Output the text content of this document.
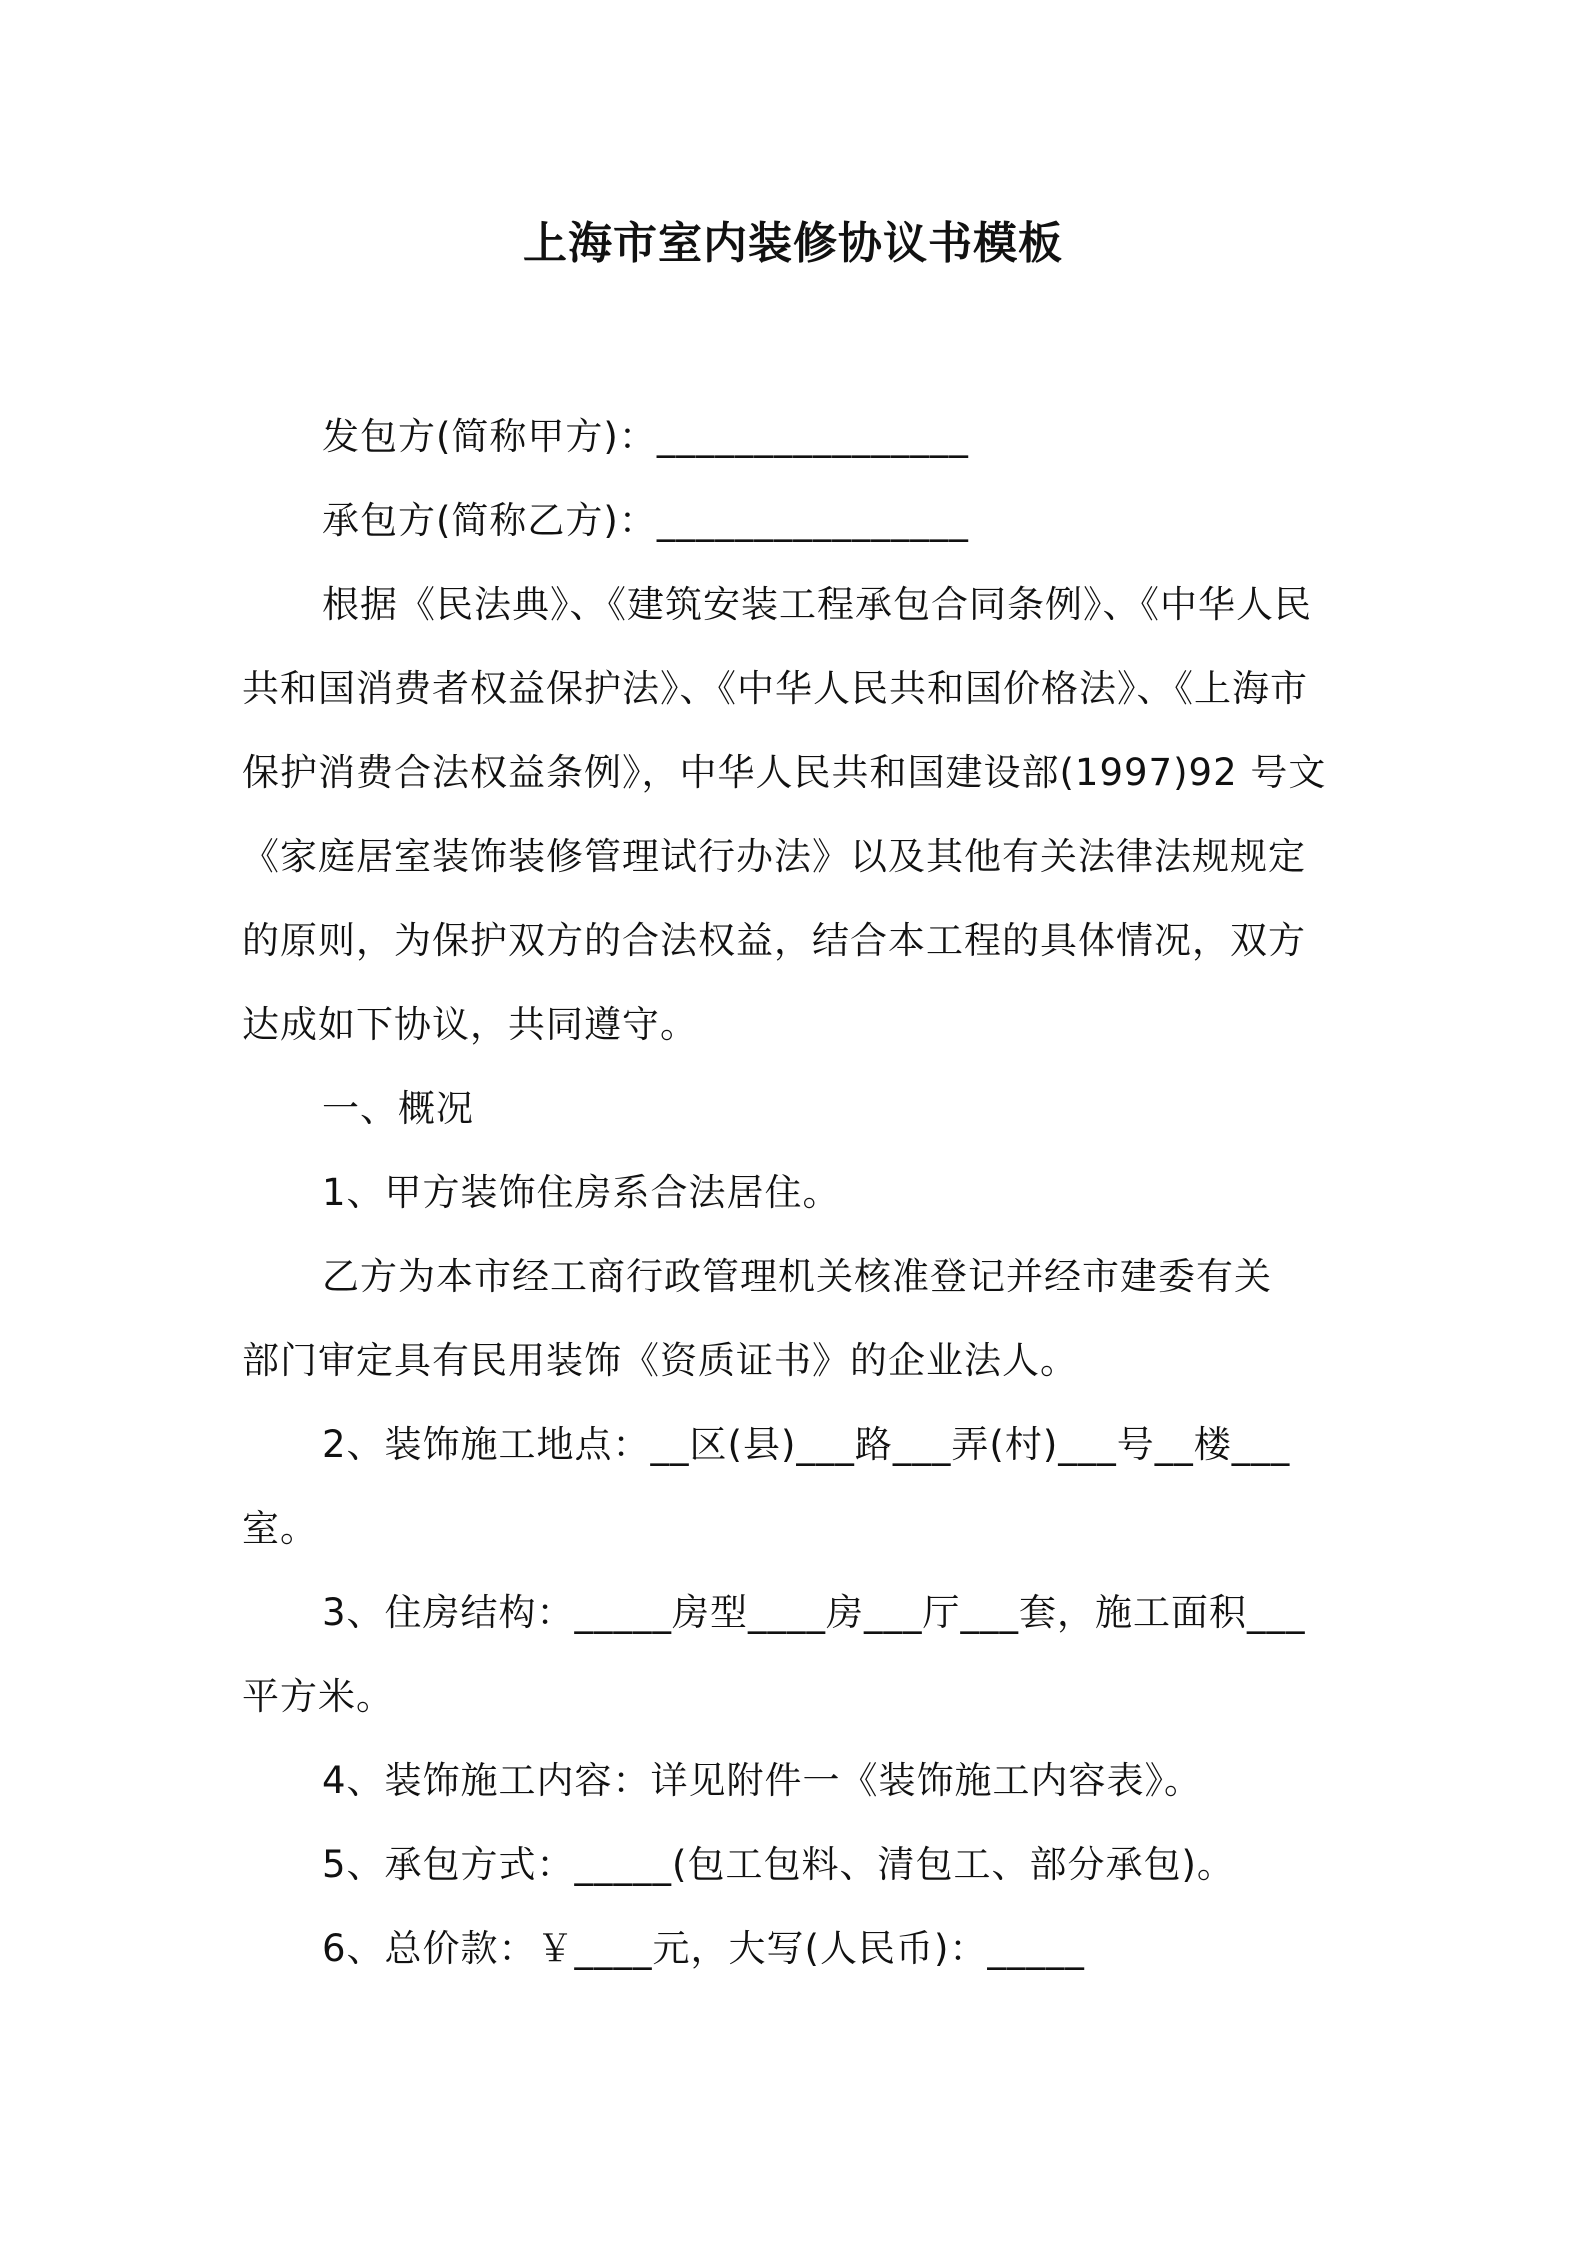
上海市室内装修协议书模板
发包方(简称甲方)：________________
承包方(简称乙方)：________________
根据《民法典》、《建筑安装工程承包合同条例》、《中华人民
共和国消费者权益保护法》、《中华人民共和国价格法》、《上海市
保护消费合法权益条例》，中华人民共和国建设部(1997)92 号文
《家庭居室装饰装修管理试行办法》以及其他有关法律法规规定
的原则，为保护双方的合法权益，结合本工程的具体情况，双方
达成如下协议，共同遵守。
一、概况
1、甲方装饰住房系合法居住。
乙方为本市经工商行政管理机关核准登记并经市建委有关
部门审定具有民用装饰《资质证书》的企业法人。
2、装饰施工地点：__区(县)___路___弄(村)___号__楼___
室。
3、住房结构：_____房型____房___厅___套，施工面积___
平方米。
4、装饰施工内容：详见附件一《装饰施工内容表》。
5、承包方式：_____(包工包料、清包工、部分承包)。
6、总价款：￥____元，大写(人民币)：_____
